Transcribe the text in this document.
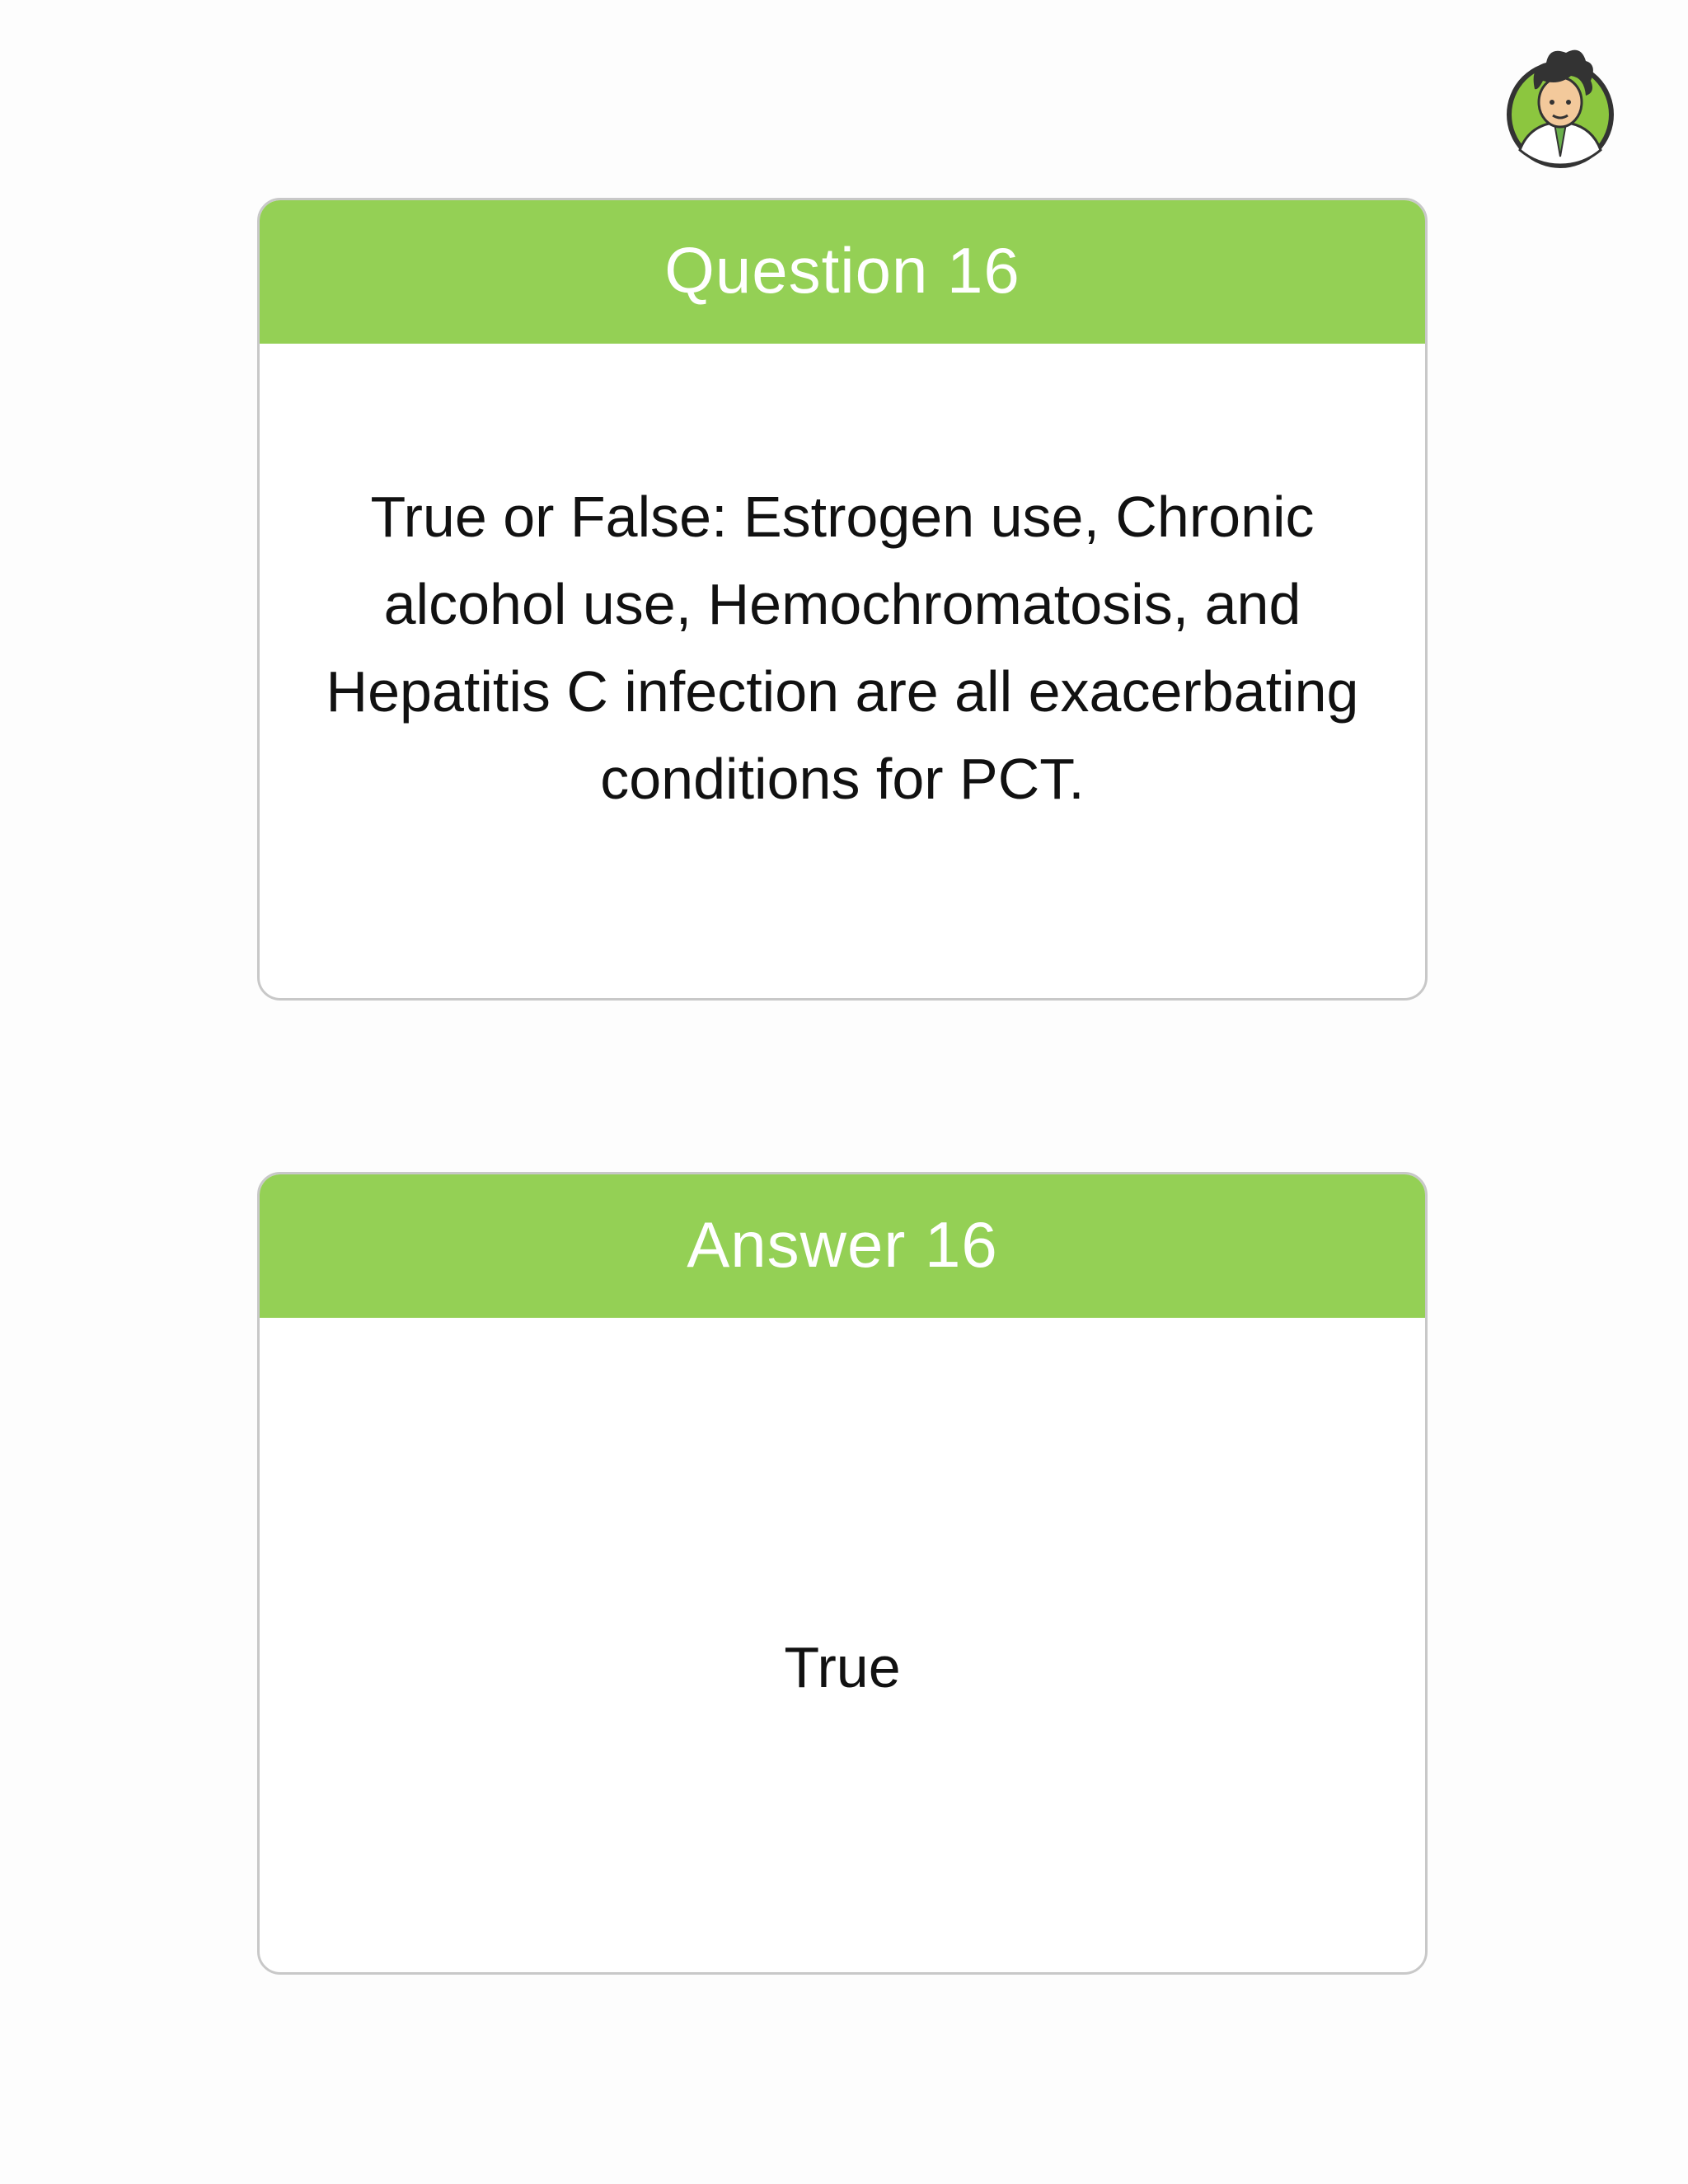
Question 16
True or False: Estrogen use, Chronic alcohol use, Hemochromatosis, and Hepatitis C infection are all exacerbating conditions for PCT.
Answer 16
True
